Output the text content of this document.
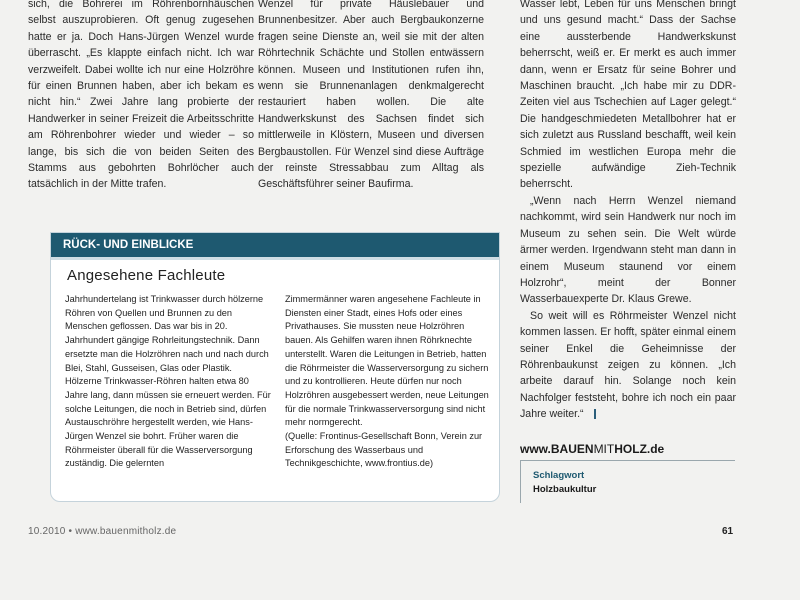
sich, die Bohrerei im Röhrenbornhäuschen selbst auszuprobieren. Oft genug zugesehen hatte er ja. Doch Hans-Jürgen Wenzel wurde überrascht. „Es klappte einfach nicht. Ich war verzweifelt. Dabei wollte ich nur eine Holzröhre für einen Brunnen haben, aber ich bekam es nicht hin.“ Zwei Jahre lang probierte der Handwerker in seiner Freizeit die Arbeitsschritte am Röhrenbohrer wieder und wieder – so lange, bis sich die von beiden Seiten des Stamms aus gebohrten Bohrlöcher auch tatsächlich in der Mitte trafen.

Wenzel für private Häuslebauer und Brunnenbesitzer. Aber auch Bergbaukonzerne fragen seine Dienste an, weil sie mit der alten Röhrtechnik Schächte und Stollen entwässern können. Museen und Institutionen rufen ihn, wenn sie Brunnenanlagen denkmalgerecht restauriert haben wollen. Die alte Handwerkskunst des Sachsen findet sich mittlerweile in Klöstern, Museen und diversen Bergbaustollen. Für Wenzel sind diese Aufträge der reinste Stressabbau zum Alltag als Geschäftsführer seiner Baufirma.

Wasser lebt, Leben für uns Menschen bringt und uns gesund macht.“ Dass der Sachse eine aussterbende Handwerkskunst beherrscht, weiß er. Er merkt es auch immer dann, wenn er Ersatz für seine Bohrer und Maschinen braucht. „Ich habe mir zu DDR-Zeiten viel aus Tschechien auf Lager gelegt.“ Die handgeschmiedeten Metallbohrer hat er sich zuletzt aus Russland beschafft, weil kein Schmied im westlichen Europa mehr die spezielle aufwändige Zieh-Technik beherrscht.

„Wenn nach Herrn Wenzel niemand nachkommt, wird sein Handwerk nur noch im Museum zu sehen sein. Die Welt würde ärmer werden. Irgendwann steht man dann in einem Museum staunend vor einem Holzrohr“, meint der Bonner Wasserbauexperte Dr. Klaus Grewe.

So weit will es Röhrmeister Wenzel nicht kommen lassen. Er hofft, später einmal einem seiner Enkel die Geheimnisse der Röhrenbaukunst zeigen zu können. „Ich arbeite darauf hin. Solange noch kein Nachfolger feststeht, bohre ich noch ein paar Jahre weiter.“

RÜCK- UND EINBLICKE
Angesehene Fachleute

Jahrhundertelang ist Trinkwasser durch hölzerne Röhren von Quellen und Brunnen zu den Menschen geflossen. Das war bis in 20. Jahrhundert gängige Rohrleitungstechnik. Dann ersetzte man die Holzröhren nach und nach durch Blei, Stahl, Gusseisen, Glas oder Plastik.

Hölzerne Trinkwasser-Röhren halten etwa 80 Jahre lang, dann müssen sie erneuert werden. Für solche Leitungen, die noch in Betrieb sind, dürfen Austauschröhre hergestellt werden, wie Hans-Jürgen Wenzel sie bohrt. Früher waren die Röhrmeister überall für die Wasserversorgung zuständig. Die gelernten

Zimmermänner waren angesehene Fachleute in Diensten einer Stadt, eines Hofs oder eines Privathauses. Sie mussten neue Holzröhren bauen. Als Gehilfen waren ihnen Röhrknechte unterstellt. Waren die Leitungen in Betrieb, hatten die Röhrmeister die Wasserversorgung zu sichern und zu kontrollieren. Heute dürfen nur noch Holzröhren ausgebessert werden, neue Leitungen für die normale Trinkwasserversorgung sind nicht mehr normgerecht.

(Quelle: Frontinus-Gesellschaft Bonn, Verein zur Erforschung des Wasserbaus und Technikgeschichte, www.frontius.de)

www.BAUENMITHOLZ.de
Schlagwort
Holzbaukultur
10.2010 • www.bauenmitholz.de	61
